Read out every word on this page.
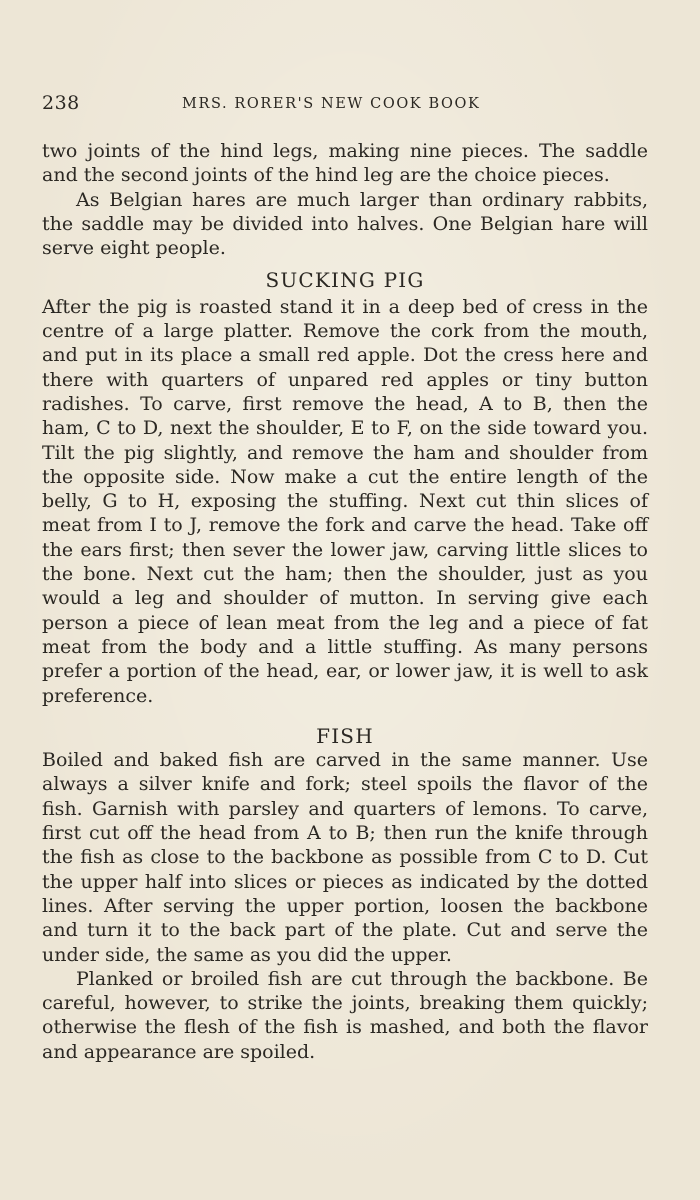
238	MRS. RORER'S NEW COOK BOOK

two joints of the hind legs, making nine pieces. The saddle and the second joints of the hind leg are the choice pieces.

As Belgian hares are much larger than ordinary rabbits, the saddle may be divided into halves. One Belgian hare will serve eight people.

SUCKING PIG

After the pig is roasted stand it in a deep bed of cress in the centre of a large platter. Remove the cork from the mouth, and put in its place a small red apple. Dot the cress here and there with quarters of unpared red apples or tiny button radishes. To carve, first remove the head, A to B, then the ham, C to D, next the shoulder, E to F, on the side toward you. Tilt the pig slightly, and remove the ham and shoulder from the opposite side. Now make a cut the entire length of the belly, G to H, exposing the stuffing. Next cut thin slices of meat from I to J, remove the fork and carve the head. Take off the ears first; then sever the lower jaw, carving little slices to the bone. Next cut the ham; then the shoulder, just as you would a leg and shoulder of mutton. In serving give each person a piece of lean meat from the leg and a piece of fat meat from the body and a little stuffing. As many persons prefer a portion of the head, ear, or lower jaw, it is well to ask preference.

FISH

Boiled and baked fish are carved in the same manner. Use always a silver knife and fork; steel spoils the flavor of the fish. Garnish with parsley and quarters of lemons. To carve, first cut off the head from A to B; then run the knife through the fish as close to the backbone as possible from C to D. Cut the upper half into slices or pieces as indicated by the dotted lines. After serving the upper portion, loosen the backbone and turn it to the back part of the plate. Cut and serve the under side, the same as you did the upper.

Planked or broiled fish are cut through the backbone. Be careful, however, to strike the joints, breaking them quickly; otherwise the flesh of the fish is mashed, and both the flavor and appearance are spoiled.
